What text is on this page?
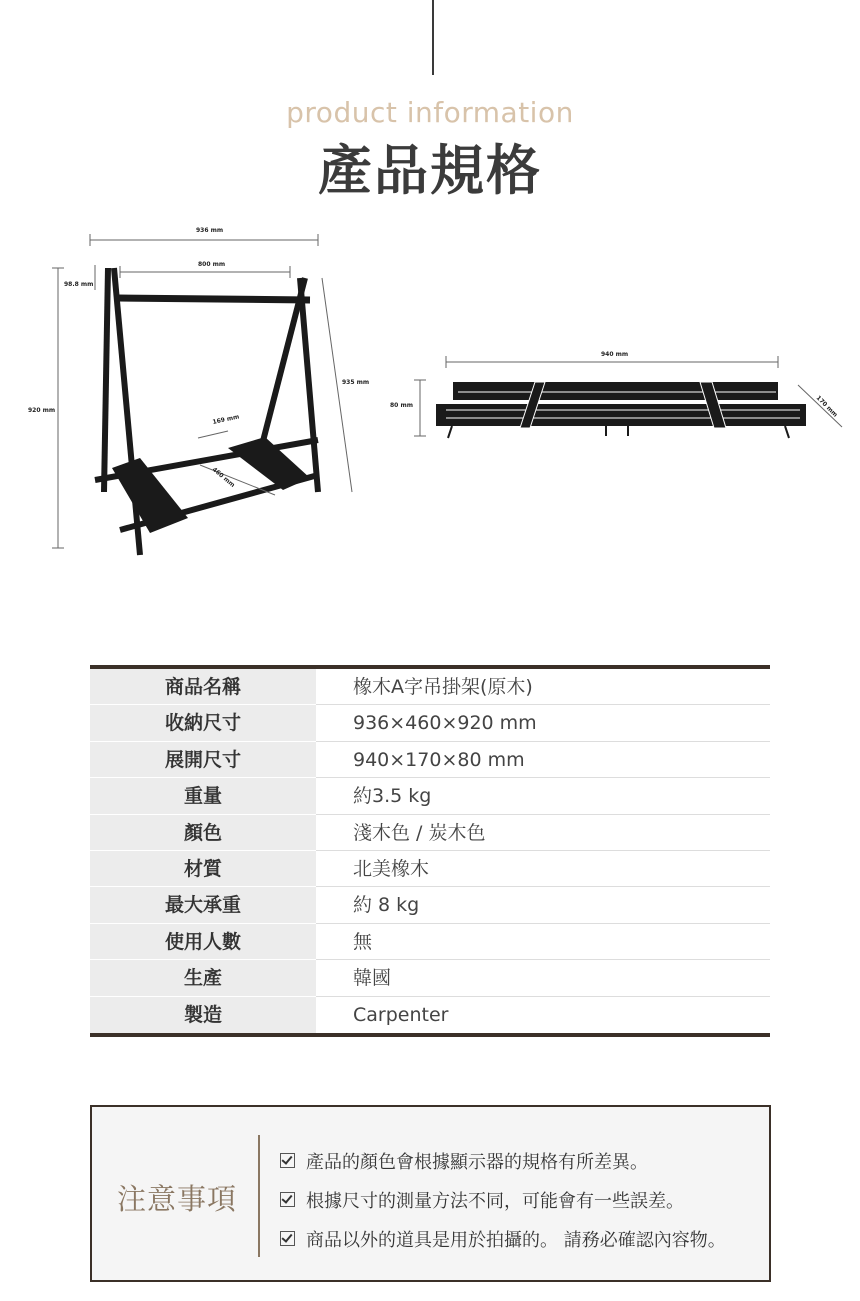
product information
產品規格
936 mm
800 mm
98.8 mm
920 mm
935 mm
169 mm
460 mm
940 mm
80 mm	170 mm
商品名稱	橡木A字吊掛架(原木)
收納尺寸	936×460×920 mm
展開尺寸	940×170×80 mm
重量	約3.5 kg
顏色	淺木色 / 炭木色
材質	北美橡木
最大承重	約 8 kg
使用人數	無
生產	韓國
製造	Carpenter
注意事項
產品的顏色會根據顯示器的規格有所差異。
根據尺寸的測量方法不同，可能會有一些誤差。
商品以外的道具是用於拍攝的。 請務必確認內容物。
